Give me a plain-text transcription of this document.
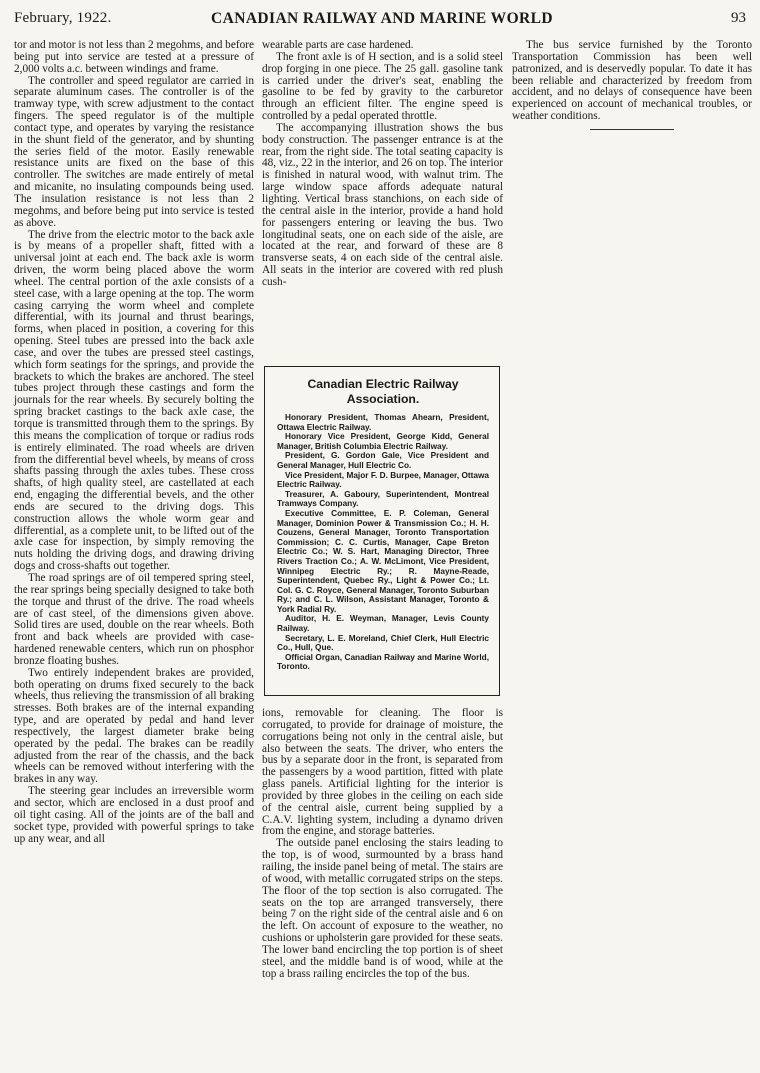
February, 1922.	CANADIAN RAILWAY AND MARINE WORLD	93

tor and motor is not less than 2 megohms, and before being put into service are tested at a pressure of 2,000 volts a.c. between windings and frame.

The controller and speed regulator are carried in separate aluminum cases. The controller is of the tramway type, with screw adjustment to the contact fingers. The speed regulator is of the multiple contact type, and operates by varying the resistance in the shunt field of the generator, and by shunting the series field of the motor. Easily renewable resistance units are fixed on the base of this controller. The switches are made entirely of metal and micanite, no insulating compounds being used. The insulation resistance is not less than 2 megohms, and before being put into service is tested as above.

The drive from the electric motor to the back axle is by means of a propeller shaft, fitted with a universal joint at each end. The back axle is worm driven, the worm being placed above the worm wheel. The central portion of the axle consists of a steel case, with a large opening at the top. The worm casing carrying the worm wheel and complete differential, with its journal and thrust bearings, forms, when placed in position, a covering for this opening. Steel tubes are pressed into the back axle case, and over the tubes are pressed steel castings, which form seatings for the springs, and provide the brackets to which the brakes are anchored. The steel tubes project through these castings and form the journals for the rear wheels. By securely bolting the spring bracket castings to the back axle case, the torque is transmitted through them to the springs. By this means the complication of torque or radius rods is entirely eliminated. The road wheels are driven from the differential bevel wheels, by means of cross shafts passing through the axles tubes. These cross shafts, of high quality steel, are castellated at each end, engaging the differential bevels, and the other ends are secured to the driving dogs. This construction allows the whole worm gear and differential, as a complete unit, to be lifted out of the axle case for inspection, by simply removing the nuts holding the driving dogs, and drawing driving dogs and cross-shafts out together.

The road springs are of oil tempered spring steel, the rear springs being specially designed to take both the torque and thrust of the drive. The road wheels are of cast steel, of the dimensions given above. Solid tires are used, double on the rear wheels. Both front and back wheels are provided with case-hardened renewable centers, which run on phosphor bronze floating bushes.

Two entirely independent brakes are provided, both operating on drums fixed securely to the back wheels, thus relieving the transmission of all braking stresses. Both brakes are of the internal expanding type, and are operated by pedal and hand lever respectively, the largest diameter brake being operated by the pedal. The brakes can be readily adjusted from the rear of the chassis, and the back wheels can be removed without interfering with the brakes in any way.

The steering gear includes an irreversible worm and sector, which are enclosed in a dust proof and oil tight casing. All of the joints are of the ball and socket type, provided with powerful springs to take up any wear, and all

wearable parts are case hardened.

The front axle is of H section, and is a solid steel drop forging in one piece. The 25 gall. gasoline tank is carried under the driver's seat, enabling the gasoline to be fed by gravity to the carburetor through an efficient filter. The engine speed is controlled by a pedal operated throttle.

The accompanying illustration shows the bus body construction. The passenger entrance is at the rear, from the right side. The total seating capacity is 48, viz., 22 in the interior, and 26 on top. The interior is finished in natural wood, with walnut trim. The large window space affords adequate natural lighting. Vertical brass stanchions, on each side of the central aisle in the interior, provide a hand hold for passengers entering or leaving the bus. Two longitudinal seats, one on each side of the aisle, are located at the rear, and forward of these are 8 transverse seats, 4 on each side of the central aisle. All seats in the interior are covered with red plush cush-

Canadian Electric Railway
Association.

Honorary President, Thomas Ahearn, President, Ottawa Electric Railway.

Honorary Vice President, George Kidd, General Manager, British Columbia Electric Railway.

President, G. Gordon Gale, Vice President and General Manager, Hull Electric Co.

Vice President, Major F. D. Burpee, Manager, Ottawa Electric Railway.

Treasurer, A. Gaboury, Superintendent, Montreal Tramways Company.

Executive Committee, E. P. Coleman, General Manager, Dominion Power & Transmission Co.; H. H. Couzens, General Manager, Toronto Transportation Commission; C. C. Curtis, Manager, Cape Breton Electric Co.; W. S. Hart, Managing Director, Three Rivers Traction Co.; A. W. McLimont, Vice President, Winnipeg Electric Ry.; R. Mayne-Reade, Superintendent, Quebec Ry., Light & Power Co.; Lt. Col. G. C. Royce, General Manager, Toronto Suburban Ry.; and C. L. Wilson, Assistant Manager, Toronto & York Radial Ry.

Auditor, H. E. Weyman, Manager, Levis County Railway.

Secretary, L. E. Moreland, Chief Clerk, Hull Electric Co., Hull, Que.

Official Organ, Canadian Railway and Marine World, Toronto.

ions, removable for cleaning. The floor is corrugated, to provide for drainage of moisture, the corrugations being not only in the central aisle, but also between the seats. The driver, who enters the bus by a separate door in the front, is separated from the passengers by a wood partition, fitted with plate glass panels. Artificial lighting for the interior is provided by three globes in the ceiling on each side of the central aisle, current being supplied by a C.A.V. lighting system, including a dynamo driven from the engine, and storage batteries.

The outside panel enclosing the stairs leading to the top, is of wood, surmounted by a brass hand railing, the inside panel being of metal. The stairs are of wood, with metallic corrugated strips on the steps. The floor of the top section is also corrugated. The seats on the top are arranged transversely, there being 7 on the right side of the central aisle and 6 on the left. On account of exposure to the weather, no cushions or upholsterin gare provided for these seats. The lower band encircling the top portion is of sheet steel, and the middle band is of wood, while at the top a brass railing encircles the top of the bus.

The bus service furnished by the Toronto Transportation Commission has been well patronized, and is deservedly popular. To date it has been reliable and characterized by freedom from accident, and no delays of consequence have been experienced on account of mechanical troubles, or weather conditions.
